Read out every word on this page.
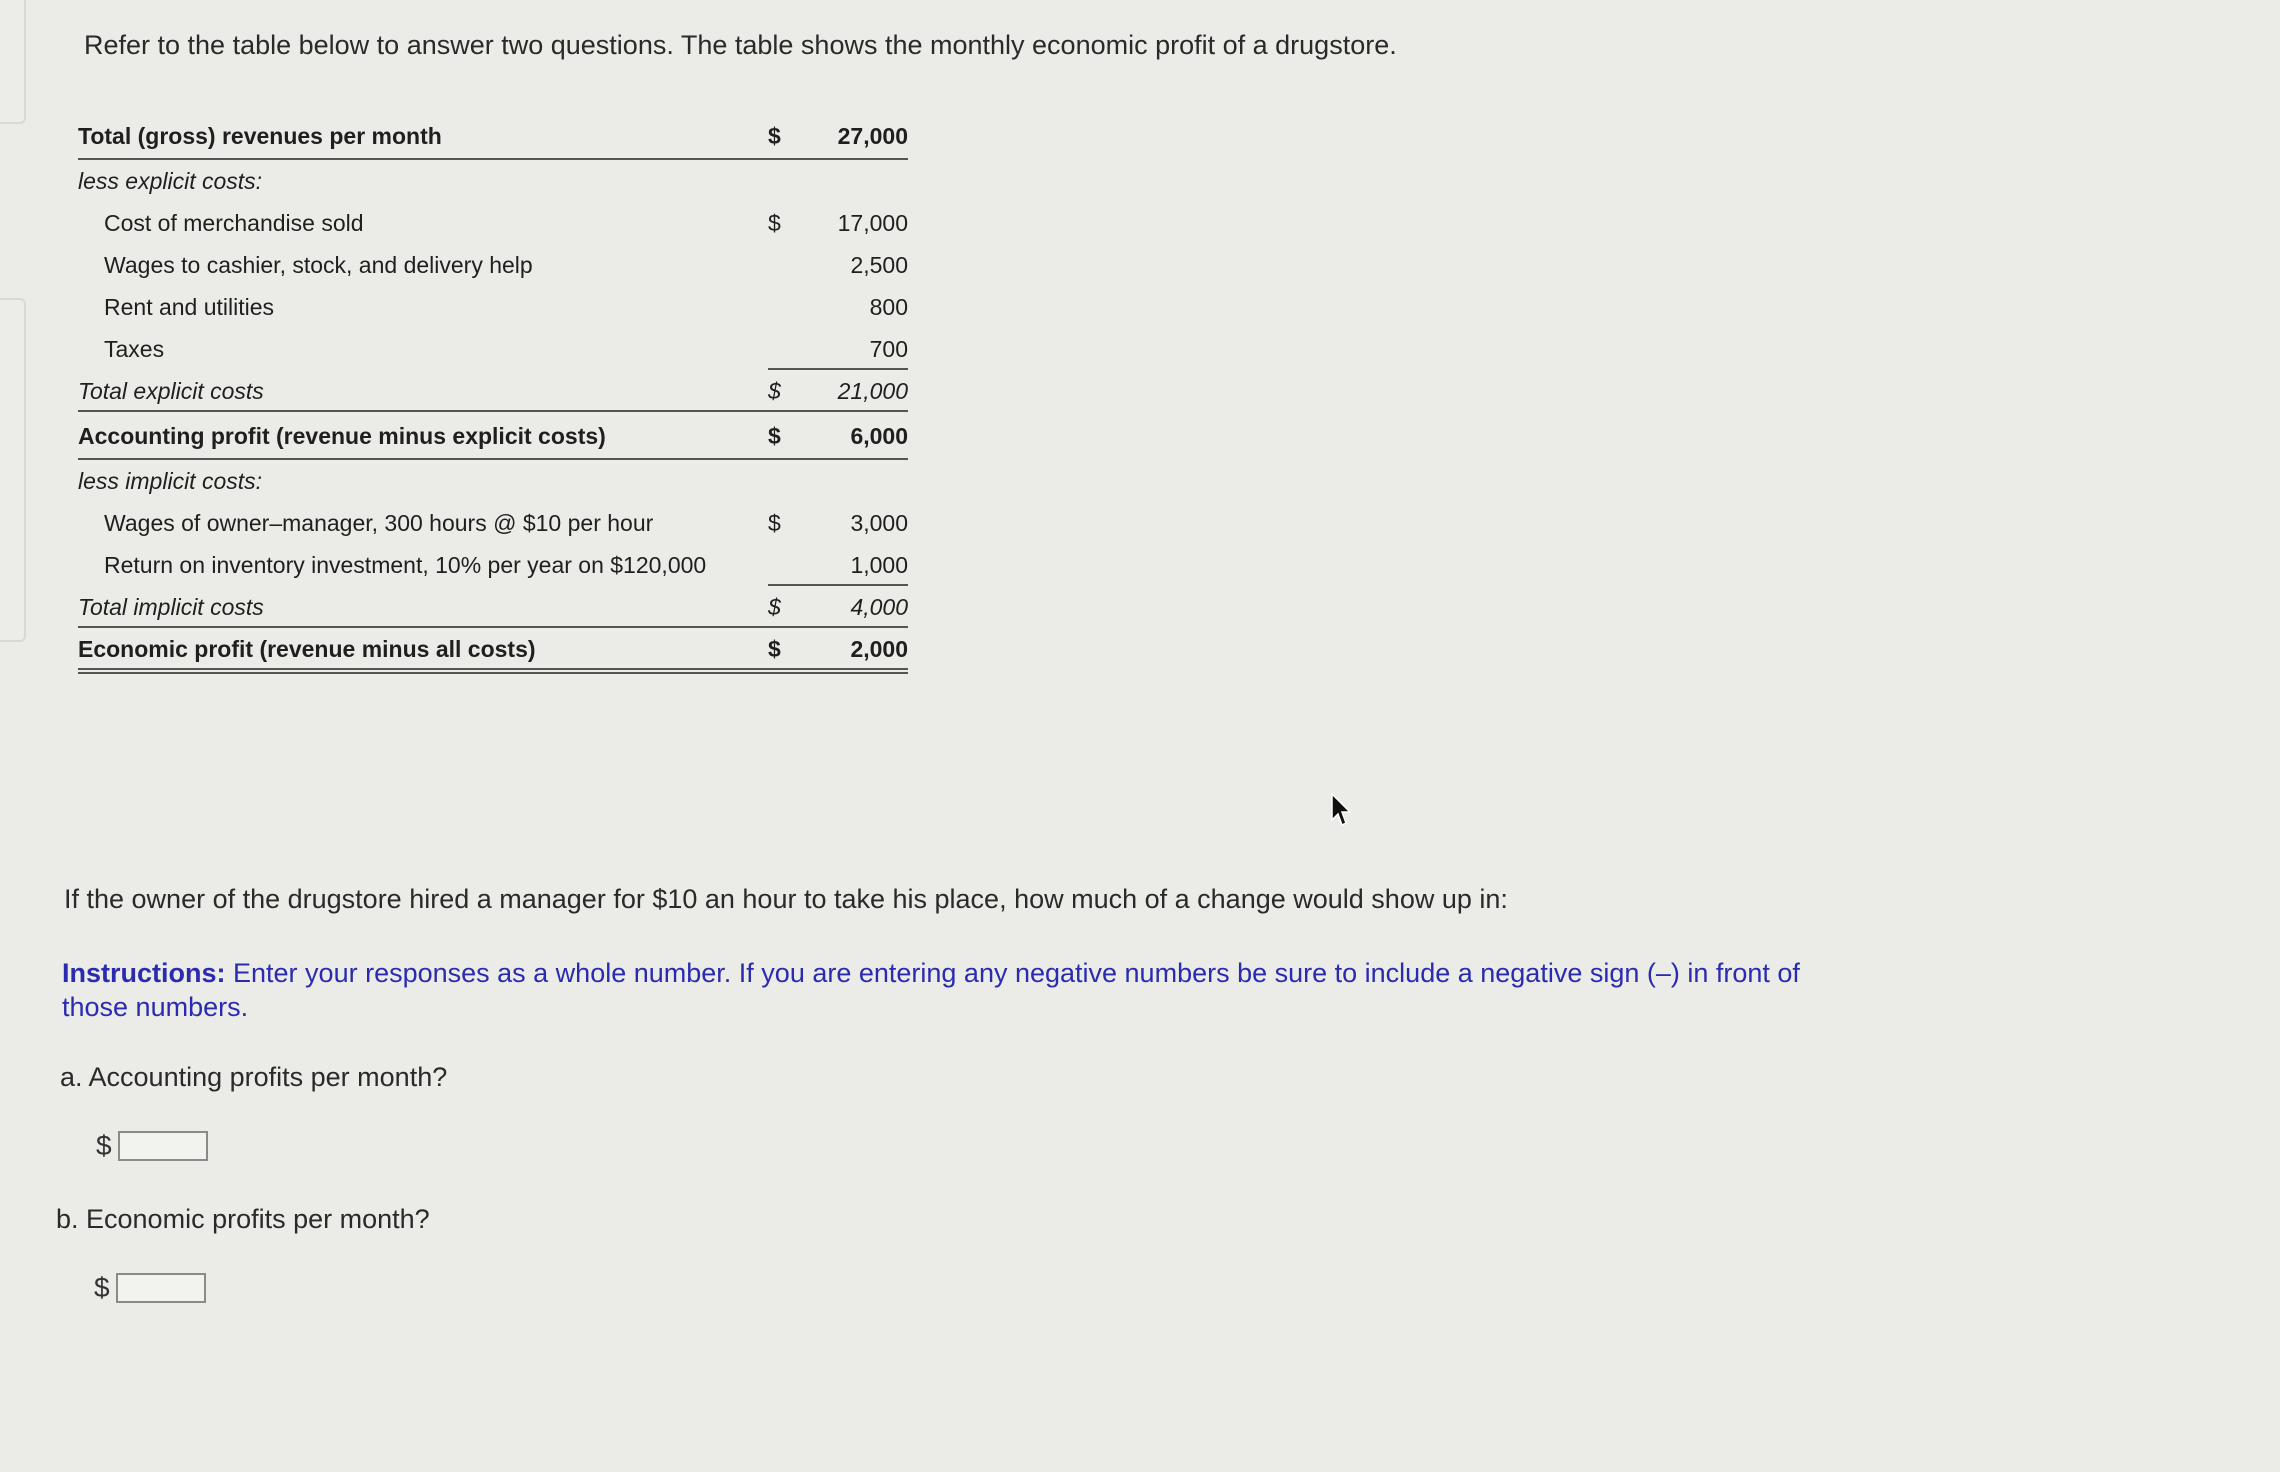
Refer to the table below to answer two questions. The table shows the monthly economic profit of a drugstore.
Total (gross) revenues per month	$ 27,000
less explicit costs:
Cost of merchandise sold	$ 17,000
Wages to cashier, stock, and delivery help	2,500
Rent and utilities	800
Taxes	700
Total explicit costs	$ 21,000
Accounting profit (revenue minus explicit costs)	$	6,000
less implicit costs:
Wages of owner–manager, 300 hours @ $10 per hour	$	3,000
Return on inventory investment, 10% per year on $120,000	1,000
Total implicit costs	$	4,000
Economic profit (revenue minus all costs)	$	2,000
If the owner of the drugstore hired a manager for $10 an hour to take his place, how much of a change would show up in:
Instructions: Enter your responses as a whole number. If you are entering any negative numbers be sure to include a negative sign (–) in front of those numbers.
a. Accounting profits per month?
$
b. Economic profits per month?
$
